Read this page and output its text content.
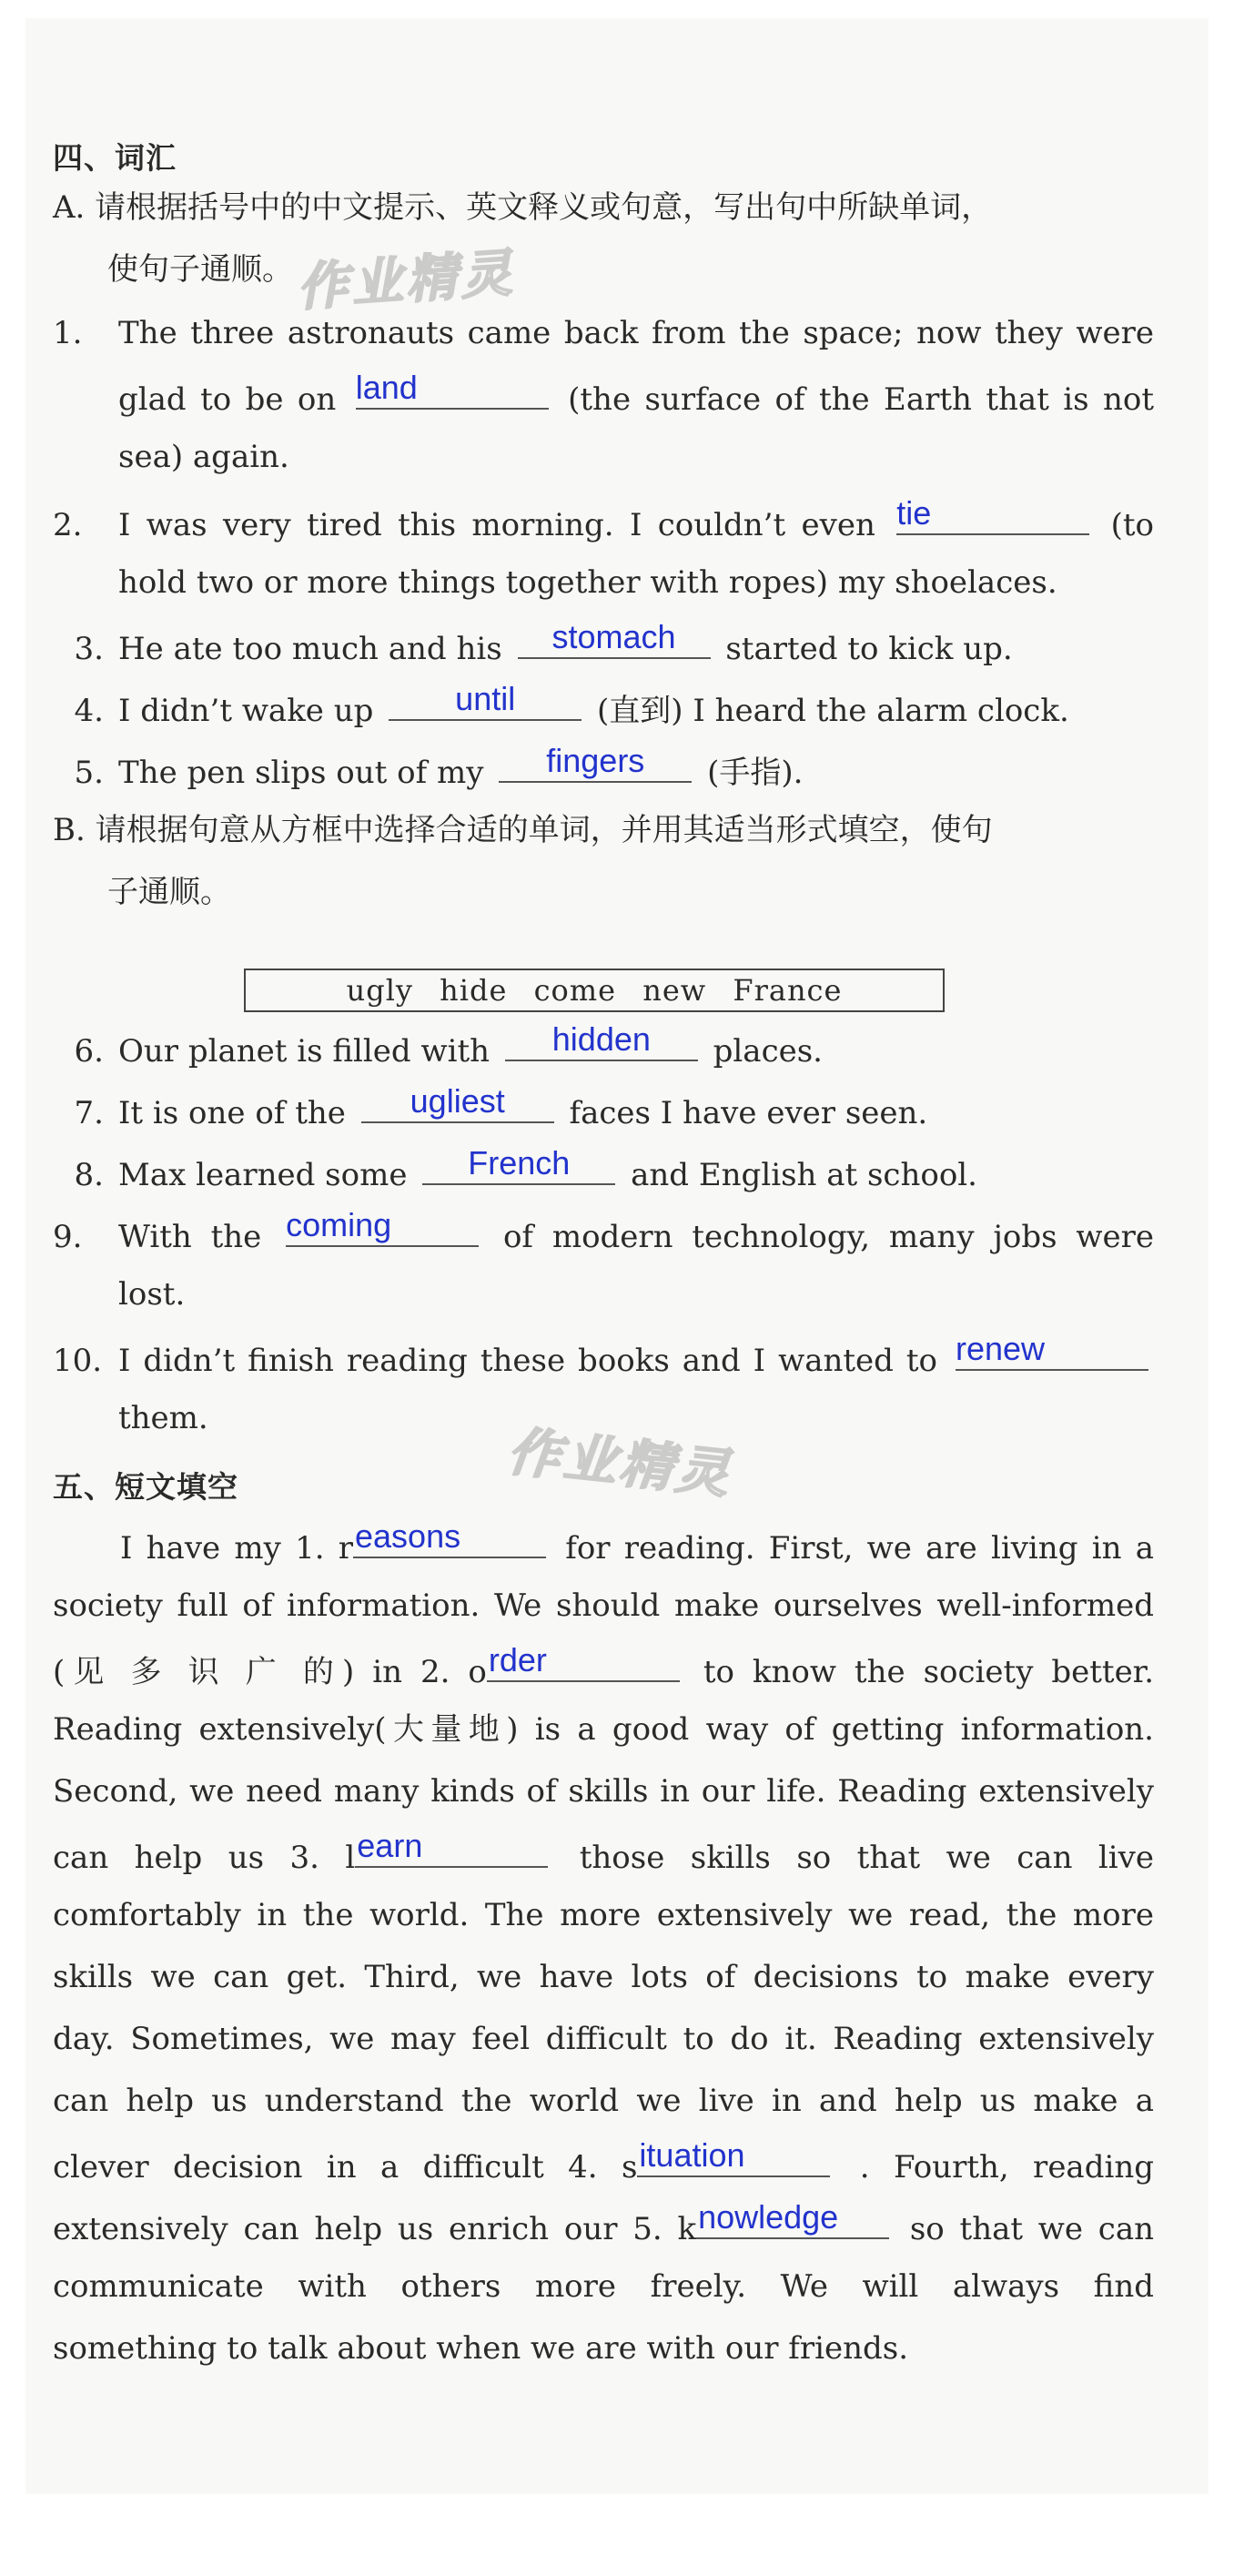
作业精灵
作业精灵
四、词汇
A. 请根据括号中的中文提示、英文释义或句意，写出句中所缺单词，
使句子通顺。
1. The three astronauts came back from the space; now they were
glad to be on land	(the surface of the Earth that is not
sea) again.
2. I was very tired this morning. I couldn’t even tie	(to
hold two or more things together with ropes) my shoelaces.
3. He ate too much and his	stomach	started to kick up.
4. I didn’t wake up	until	(直到) I heard the alarm clock.
5. The pen slips out of my	fingers	(手指).
B. 请根据句意从方框中选择合适的单词，并用其适当形式填空，使句
子通顺。
ugly hide come new France
6. Our planet is filled with	hidden	places.
7. It is one of the	ugliest	faces I have ever seen.
8. Max learned some	French	and English at school.
9. With the coming	of modern technology, many jobs were
lost.
10. I didn’t finish reading these books and I wanted to renew
them.
五、短文填空
I have my 1. r easons	for reading. First, we are living in a
society full of information. We should make ourselves well-informed
(见 多 识 广 的) in 2. o rder	to know the society better.
Reading extensively(大量地) is a good way of getting information.
Second, we need many kinds of skills in our life. Reading extensively
can help us 3. l earn	those skills so that we can live
comfortably in the world. The more extensively we read, the more
skills we can get. Third, we have lots of decisions to make every
day. Sometimes, we may feel difficult to do it. Reading extensively
can help us understand the world we live in and help us make a
clever decision in a difficult 4. s ituation	. Fourth, reading
extensively can help us enrich our 5. k nowledge	so that we can
communicate with others more freely. We will always find
something to talk about when we are with our friends.
